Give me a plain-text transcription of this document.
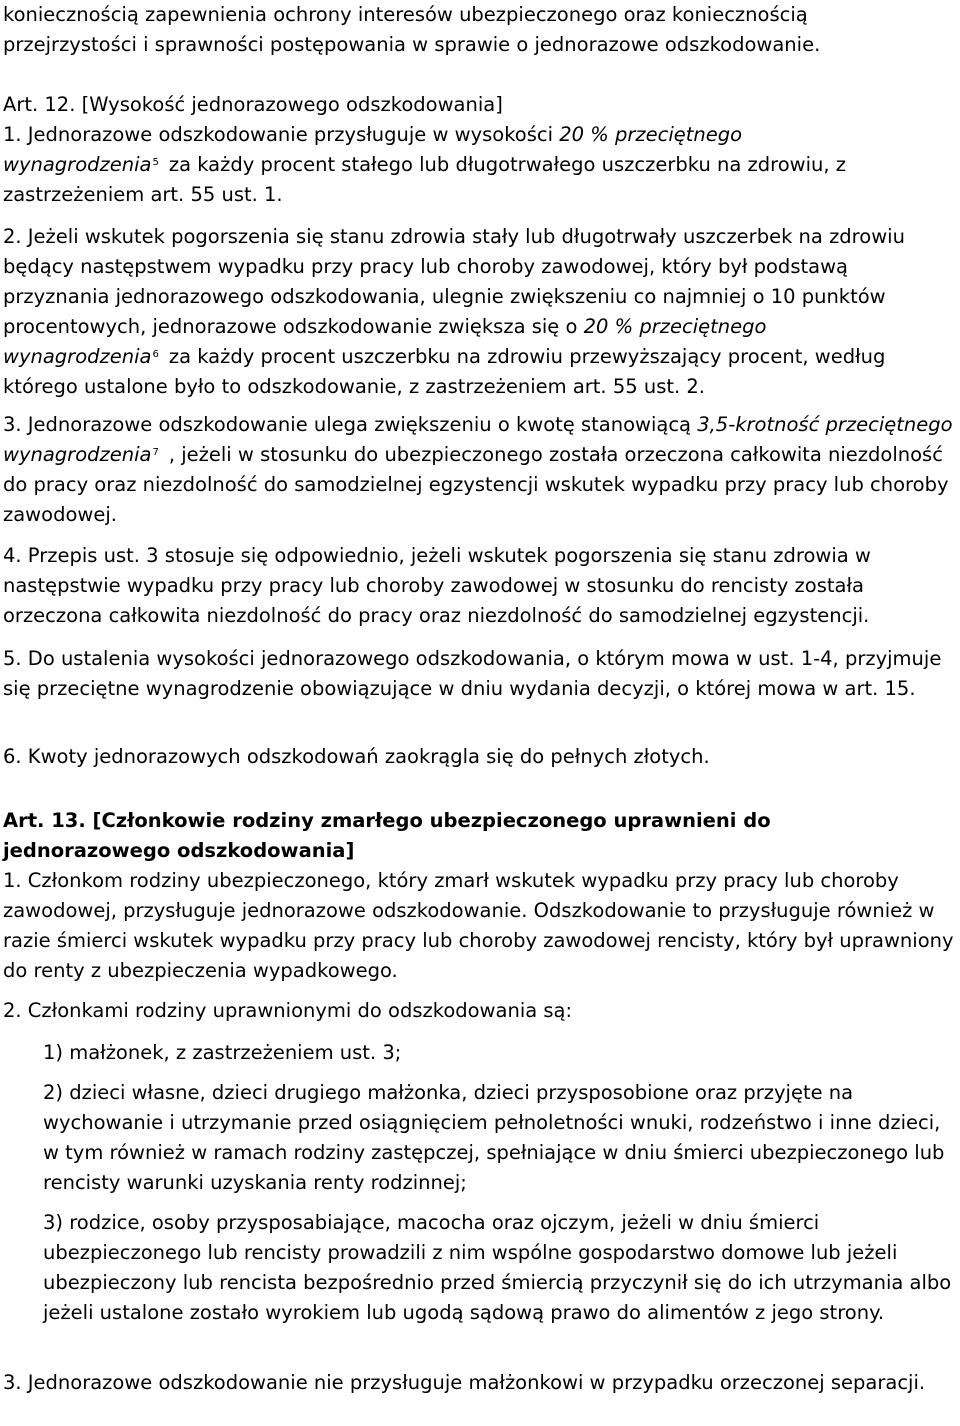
koniecznością zapewnienia ochrony interesów ubezpieczonego oraz koniecznością
przejrzystości i sprawności postępowania w sprawie o jednorazowe odszkodowanie.

Art. 12. [Wysokość jednorazowego odszkodowania]

1. Jednorazowe odszkodowanie przysługuje w wysokości 20 % przeciętnego
wynagrodzenia$^5$ za każdy procent stałego lub długotrwałego uszczerbku na zdrowiu, z
zastrzeżeniem art. 55 ust. 1.

2. Jeżeli wskutek pogorszenia się stanu zdrowia stały lub długotrwały uszczerbek na zdrowiu będący następstwem wypadku przy pracy lub choroby zawodowej, który był podstawą przyznania jednorazowego odszkodowania, ulegnie zwiększeniu co najmniej o 10 punktów procentowych, jednorazowe odszkodowanie zwiększa się o 20 % przeciętnego wynagrodzenia$^6$ za każdy procent uszczerbku na zdrowiu przewyższający procent, według którego ustalone było to odszkodowanie, z zastrzeżeniem art. 55 ust. 2.

3. Jednorazowe odszkodowanie ulega zwiększeniu o kwotę stanowiącą 3,5-krotność przeciętnego wynagrodzenia$^7$ , jeżeli w stosunku do ubezpieczonego została orzeczona całkowita niezdolność do pracy oraz niezdolność do samodzielnej egzystencji wskutek wypadku przy pracy lub choroby zawodowej.

4. Przepis ust. 3 stosuje się odpowiednio, jeżeli wskutek pogorszenia się stanu zdrowia w następstwie wypadku przy pracy lub choroby zawodowej w stosunku do rencisty została orzeczona całkowita niezdolność do pracy oraz niezdolność do samodzielnej egzystencji.

5. Do ustalenia wysokości jednorazowego odszkodowania, o którym mowa w ust. 1-4, przyjmuje się przeciętne wynagrodzenie obowiązujące w dniu wydania decyzji, o której mowa w art. 15.

6. Kwoty jednorazowych odszkodowań zaokrągla się do pełnych złotych.

Art. 13. [Członkowie rodziny zmarłego ubezpieczonego uprawnieni do
jednorazowego odszkodowania]

1. Członkom rodziny ubezpieczonego, który zmarł wskutek wypadku przy pracy lub choroby zawodowej, przysługuje jednorazowe odszkodowanie. Odszkodowanie to przysługuje również w razie śmierci wskutek wypadku przy pracy lub choroby zawodowej rencisty, który był uprawniony do renty z ubezpieczenia wypadkowego.

2. Członkami rodziny uprawnionymi do odszkodowania są:

1) małżonek, z zastrzeżeniem ust. 3;

2) dzieci własne, dzieci drugiego małżonka, dzieci przysposobione oraz przyjęte na wychowanie i utrzymanie przed osiągnięciem pełnoletności wnuki, rodzeństwo i inne dzieci, w tym również w ramach rodziny zastępczej, spełniające w dniu śmierci ubezpieczonego lub rencisty warunki uzyskania renty rodzinnej;

3) rodzice, osoby przysposabiające, macocha oraz ojczym, jeżeli w dniu śmierci ubezpieczonego lub rencisty prowadzili z nim wspólne gospodarstwo domowe lub jeżeli ubezpieczony lub rencista bezpośrednio przed śmiercią przyczynił się do ich utrzymania albo jeżeli ustalone zostało wyrokiem lub ugodą sądową prawo do alimentów z jego strony.

3. Jednorazowe odszkodowanie nie przysługuje małżonkowi w przypadku orzeczonej separacji.
